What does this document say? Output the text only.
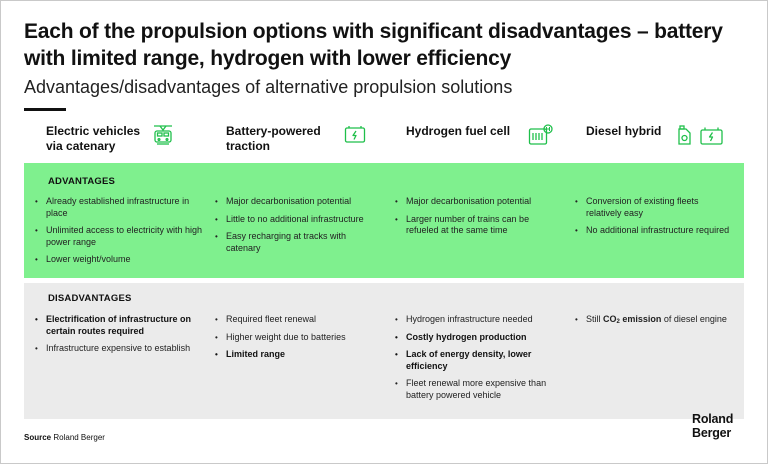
Each of the propulsion options with significant disadvantages – battery with limited range, hydrogen with lower efficiency
Advantages/disadvantages of alternative propulsion solutions
Electric vehicles via catenary
Battery-powered traction
Hydrogen fuel cell	Diesel hybrid
ADVANTAGES
• Already established infrastructure in place
• Unlimited access to electricity with high power range
• Lower weight/volume
• Major decarbonisation potential
• Little to no additional infrastructure
• Easy recharging at tracks with catenary
• Major decarbonisation potential
• Larger number of trains can be refueled at the same time
• Conversion of existing fleets relatively easy
• No additional infrastructure required
DISADVANTAGES
• Electrification of infrastructure on certain routes required
• Infrastructure expensive to establish
• Required fleet renewal
• Higher weight due to batteries
• Limited range
• Hydrogen infrastructure needed
• Costly hydrogen production
• Lack of energy density, lower efficiency
• Fleet renewal more expensive than battery powered vehicle
• Still $CO_2$ emission of diesel engine
Source Roland Berger
Roland
Berger
